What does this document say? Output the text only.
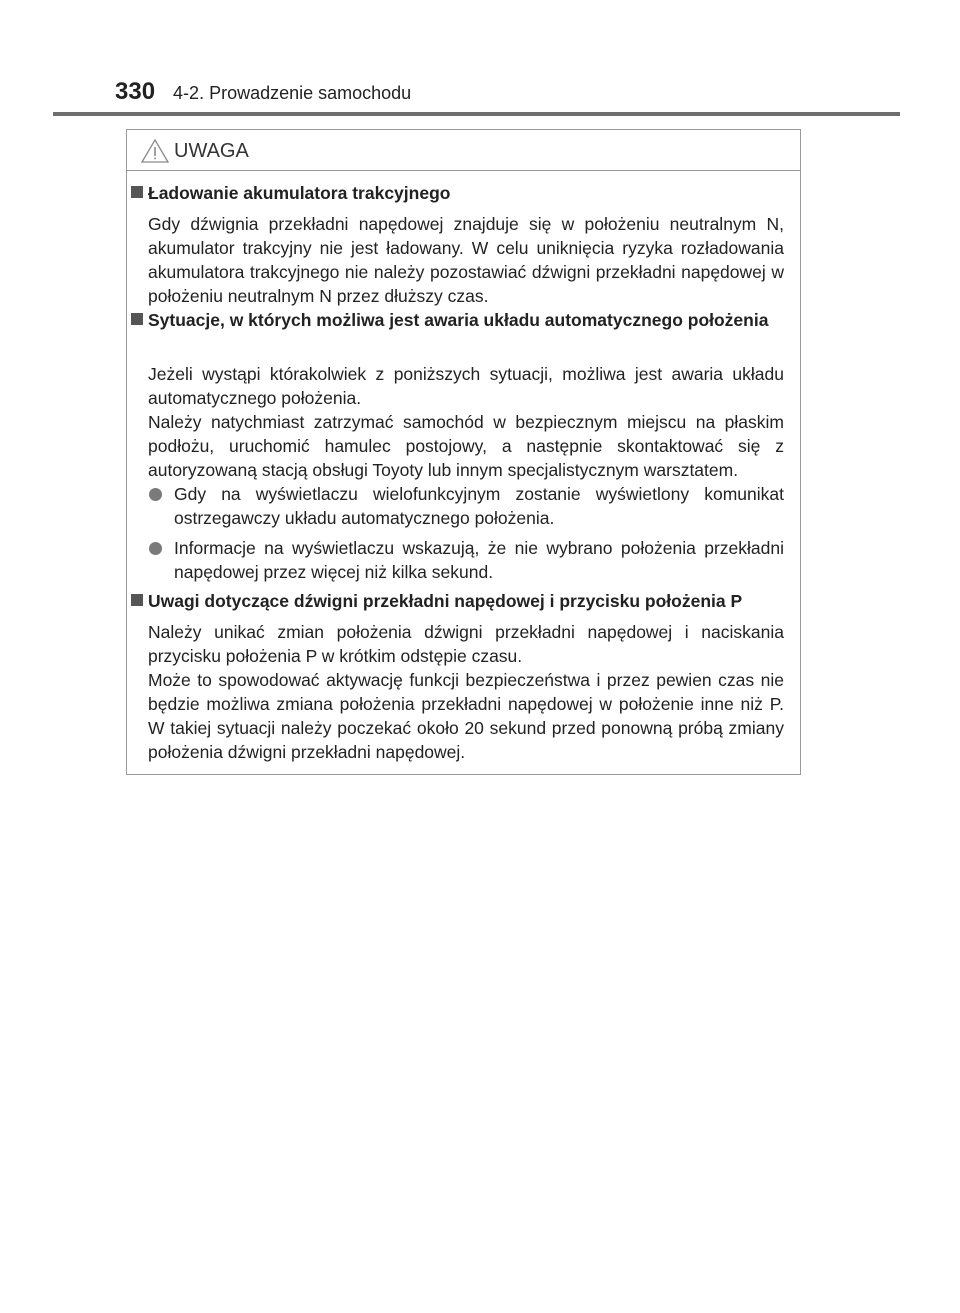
330 4-2. Prowadzenie samochodu
UWAGA
Ładowanie akumulatora trakcyjnego
Gdy dźwignia przekładni napędowej znajduje się w położeniu neutralnym N, akumulator trakcyjny nie jest ładowany. W celu uniknięcia ryzyka rozładowania akumulatora trakcyjnego nie należy pozostawiać dźwigni przekładni napędowej w położeniu neutralnym N przez dłuższy czas.
Sytuacje, w których możliwa jest awaria układu automatycznego położenia
Jeżeli wystąpi którakolwiek z poniższych sytuacji, możliwa jest awaria układu automatycznego położenia.
Należy natychmiast zatrzymać samochód w bezpiecznym miejscu na płaskim podłożu, uruchomić hamulec postojowy, a następnie skontaktować się z autoryzowaną stacją obsługi Toyoty lub innym specjalistycznym warsztatem.
Gdy na wyświetlaczu wielofunkcyjnym zostanie wyświetlony komunikat ostrzegawczy układu automatycznego położenia.
Informacje na wyświetlaczu wskazują, że nie wybrano położenia przekładni napędowej przez więcej niż kilka sekund.
Uwagi dotyczące dźwigni przekładni napędowej i przycisku położenia P
Należy unikać zmian położenia dźwigni przekładni napędowej i naciskania przycisku położenia P w krótkim odstępie czasu.
Może to spowodować aktywację funkcji bezpieczeństwa i przez pewien czas nie będzie możliwa zmiana położenia przekładni napędowej w położenie inne niż P. W takiej sytuacji należy poczekać około 20 sekund przed ponowną próbą zmiany położenia dźwigni przekładni napędowej.
